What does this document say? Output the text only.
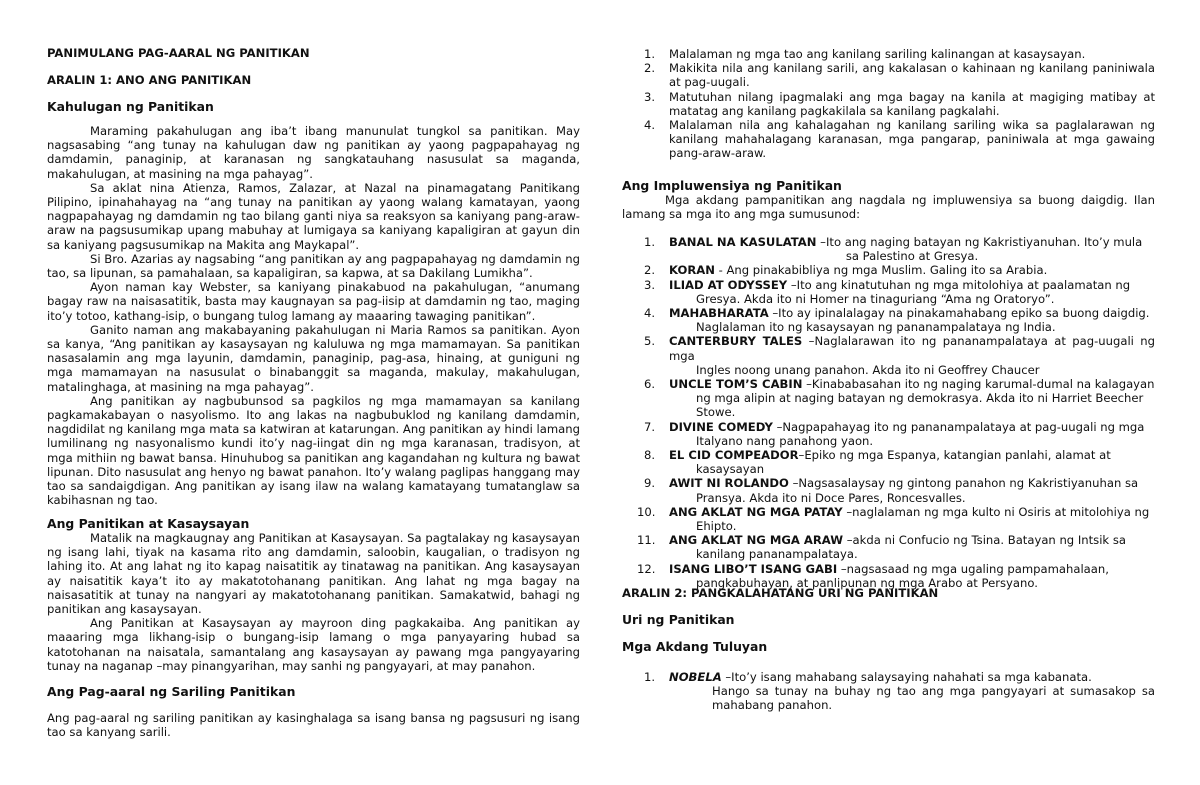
PANIMULANG PAG-AARAL NG PANITIKAN

ARALIN 1: ANO ANG PANITIKAN

Kahulugan ng Panitikan

Maraming pakahulugan ang iba’t ibang manunulat tungkol sa panitikan. May nagsasabing “ang tunay na kahulugan daw ng panitikan ay yaong pagpapahayag ng damdamin, panaginip, at karanasan ng sangkatauhang nasusulat sa maganda, makahulugan, at masining na mga pahayag”.

Sa aklat nina Atienza, Ramos, Zalazar, at Nazal na pinamagatang Panitikang Pilipino, ipinahahayag na “ang tunay na panitikan ay yaong walang kamatayan, yaong nagpapahayag ng damdamin ng tao bilang ganti niya sa reaksyon sa kaniyang pang-araw-araw na pagsusumikap upang mabuhay at lumigaya sa kaniyang kapaligiran at gayun din sa kaniyang pagsusumikap na Makita ang Maykapal”.

Si Bro. Azarias ay nagsabing “ang panitikan ay ang pagpapahayag ng damdamin ng tao, sa lipunan, sa pamahalaan, sa kapaligiran, sa kapwa, at sa Dakilang Lumikha”.

Ayon naman kay Webster, sa kaniyang pinakabuod na pakahulugan, “anumang bagay raw na naisasatitik, basta may kaugnayan sa pag-iisip at damdamin ng tao, maging ito’y totoo, kathang-isip, o bungang tulog lamang ay maaaring tawaging panitikan”.

Ganito naman ang makabayaning pakahulugan ni Maria Ramos sa panitikan. Ayon sa kanya, “Ang panitikan ay kasaysayan ng kaluluwa ng mga mamamayan. Sa panitikan nasasalamin ang mga layunin, damdamin, panaginip, pag-asa, hinaing, at guniguni ng mga mamamayan na nasusulat o binabanggit sa maganda, makulay, makahulugan, matalinghaga, at masining na mga pahayag”.

Ang panitikan ay nagbubunsod sa pagkilos ng mga mamamayan sa kanilang pagkamakabayan o nasyolismo. Ito ang lakas na nagbubuklod ng kanilang damdamin, nagdidilat ng kanilang mga mata sa katwiran at katarungan. Ang panitikan ay hindi lamang lumilinang ng nasyonalismo kundi ito’y nag-iingat din ng mga karanasan, tradisyon, at mga mithiin ng bawat bansa. Hinuhubog sa panitikan ang kagandahan ng kultura ng bawat lipunan. Dito nasusulat ang henyo ng bawat panahon. Ito’y walang paglipas hanggang may tao sa sandaigdigan. Ang panitikan ay isang ilaw na walang kamatayang tumatanglaw sa kabihasnan ng tao.

Ang Panitikan at Kasaysayan

Matalik na magkaugnay ang Panitikan at Kasaysayan. Sa pagtalakay ng kasaysayan ng isang lahi, tiyak na kasama rito ang damdamin, saloobin, kaugalian, o tradisyon ng lahing ito. At ang lahat ng ito kapag naisatitik ay tinatawag na panitikan. Ang kasaysayan ay naisatitik kaya’t ito ay makatotohanang panitikan. Ang lahat ng mga bagay na naisasatitik at tunay na nangyari ay makatotohanang panitikan. Samakatwid, bahagi ng panitikan ang kasaysayan.

Ang Panitikan at Kasaysayan ay mayroon ding pagkakaiba. Ang panitikan ay maaaring mga likhang-isip o bungang-isip lamang o mga panyayaring hubad sa katotohanan na naisatala, samantalang ang kasaysayan ay pawang mga pangyayaring tunay na naganap –may pinangyarihan, may sanhi ng pangyayari, at may panahon.

Ang Pag-aaral ng Sariling Panitikan

Ang pag-aaral ng sariling panitikan ay kasinghalaga sa isang bansa ng pagsusuri ng isang tao sa kanyang sarili.

1. Malalaman ng mga tao ang kanilang sariling kalinangan at kasaysayan.
2. Makikita nila ang kanilang sarili, ang kakalasan o kahinaan ng kanilang paniniwala at pag-uugali.
3. Matutuhan nilang ipagmalaki ang mga bagay na kanila at magiging matibay at matatag ang kanilang pagkakilala sa kanilang pagkalahi.
4. Malalaman nila ang kahalagahan ng kanilang sariling wika sa paglalarawan ng kanilang mahahalagang karanasan, mga pangarap, paniniwala at mga gawaing pang-araw-araw.

Ang Impluwensiya ng Panitikan

Mga akdang pampanitikan ang nagdala ng impluwensiya sa buong daigdig. Ilan lamang sa mga ito ang mga sumusunod:

1. BANAL NA KASULATAN –Ito ang naging batayan ng Kakristiyanuhan. Ito’y mula
sa Palestino at Gresya.
2. KORAN - Ang pinakabibliya ng mga Muslim. Galing ito sa Arabia.
3. ILIAD AT ODYSSEY –Ito ang kinatutuhan ng mga mitolohiya at paalamatan ng
Gresya. Akda ito ni Homer na tinaguriang “Ama ng Oratoryo”.
4. MAHABHARATA –Ito ay ipinalalagay na pinakamahabang epiko sa buong daigdig.
Naglalaman ito ng kasaysayan ng pananampalataya ng India.
5. CANTERBURY TALES –Naglalarawan ito ng pananampalataya at pag-uugali ng mga
Ingles noong unang panahon. Akda ito ni Geoffrey Chaucer
6. UNCLE TOM’S CABIN –Kinababasahan ito ng naging karumal-dumal na kalagayan
ng mga alipin at naging batayan ng demokrasya. Akda ito ni Harriet Beecher Stowe.
7. DIVINE COMEDY –Nagpapahayag ito ng pananampalataya at pag-uugali ng mga
Italyano nang panahong yaon.
8. EL CID COMPEADOR–Epiko ng mga Espanya, katangian panlahi, alamat at
kasaysayan
9. AWIT NI ROLANDO –Nagsasalaysay ng gintong panahon ng Kakristiyanuhan sa
Pransya. Akda ito ni Doce Pares, Roncesvalles.
10. ANG AKLAT NG MGA PATAY –naglalaman ng mga kulto ni Osiris at mitolohiya ng
Ehipto.
11. ANG AKLAT NG MGA ARAW –akda ni Confucio ng Tsina. Batayan ng Intsik sa
kanilang pananampalataya.
12. ISANG LIBO’T ISANG GABI –nagsasaad ng mga ugaling pampamahalaan,
pangkabuhayan, at panlipunan ng mga Arabo at Persyano.

ARALIN 2: PANGKALAHATANG URI NG PANITIKAN

Uri ng Panitikan

Mga Akdang Tuluyan

1. NOBELA –Ito’y isang mahabang salaysaying nahahati sa mga kabanata.
Hango sa tunay na buhay ng tao ang mga pangyayari at sumasakop sa mahabang panahon.
